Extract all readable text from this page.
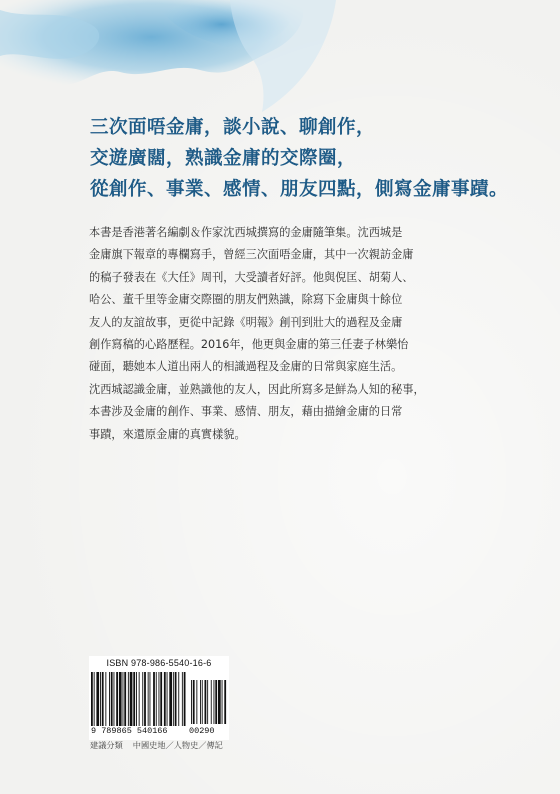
三次面唔金庸，談小說、聊創作，
交遊廣闊，熟識金庸的交際圈，
從創作、事業、感情、朋友四點，側寫金庸事蹟。
本書是香港著名編劇＆作家沈西城撰寫的金庸隨筆集。沈西城是
金庸旗下報章的專欄寫手，曾經三次面唔金庸，其中一次親訪金庸
的稿子發表在《大任》周刊，大受讀者好評。他與倪匡、胡菊人、
哈公、董千里等金庸交際圈的朋友們熟識，除寫下金庸與十餘位
友人的友誼故事，更從中記錄《明報》創刊到壯大的過程及金庸
創作寫稿的心路歷程。2016年，他更與金庸的第三任妻子林樂怡
碰面，聽她本人道出兩人的相識過程及金庸的日常與家庭生活。
沈西城認識金庸，並熟識他的友人，因此所寫多是鮮為人知的秘事，
本書涉及金庸的創作、事業、感情、朋友，藉由描繪金庸的日常
事蹟，來還原金庸的真實樣貌。
ISBN 978-986-5540-16-6
9 789865 540166	00290
建議分類 中國史地／人物史／傳記
